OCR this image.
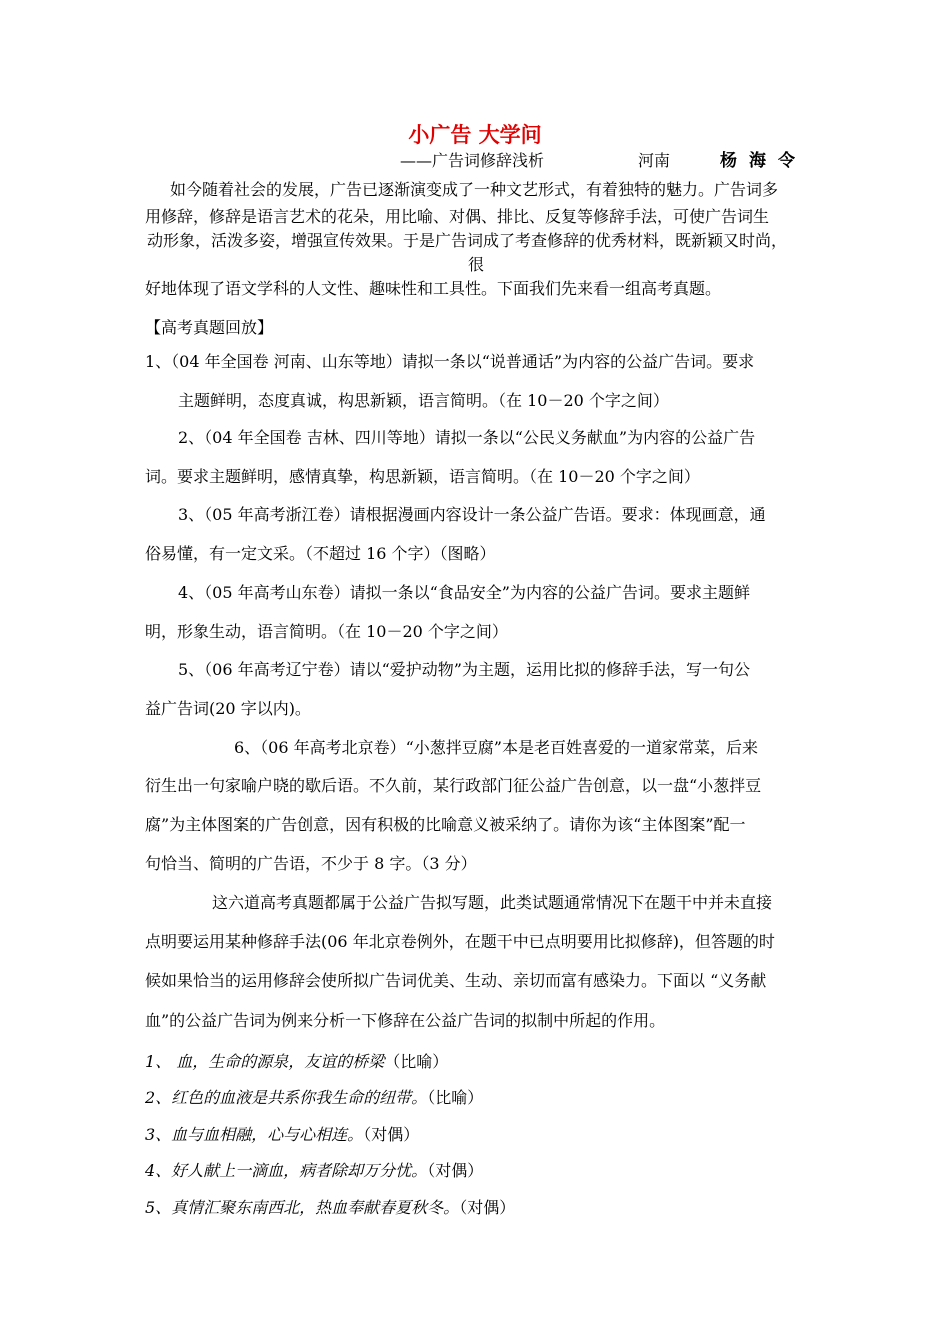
小广告 大学问
——广告词修辞浅析	河南	杨海令
如今随着社会的发展，广告已逐渐演变成了一种文艺形式，有着独特的魅力。广告词多
用修辞，修辞是语言艺术的花朵，用比喻、对偶、排比、反复等修辞手法，可使广告词生
动形象，活泼多姿，增强宣传效果。于是广告词成了考查修辞的优秀材料，既新颖又时尚，
很
好地体现了语文学科的人文性、趣味性和工具性。下面我们先来看一组高考真题。
【高考真题回放】
1、（04 年全国卷 河南、山东等地）请拟一条以“说普通话”为内容的公益广告词。要求
主题鲜明，态度真诚，构思新颖，语言简明。（在 10－20 个字之间）
2、（04 年全国卷 吉林、四川等地）请拟一条以“公民义务献血”为内容的公益广告
词。要求主题鲜明，感情真挚，构思新颖，语言简明。（在 10－20 个字之间）
3、（05 年高考浙江卷）请根据漫画内容设计一条公益广告语。要求：体现画意，通
俗易懂，有一定文采。（不超过 16 个字）（图略）
4、（05 年高考山东卷）请拟一条以“食品安全”为内容的公益广告词。要求主题鲜
明，形象生动，语言简明。（在 10－20 个字之间）
5、（06 年高考辽宁卷）请以“爱护动物”为主题，运用比拟的修辞手法，写一句公
益广告词(20 字以内)。
6、（06 年高考北京卷）“小葱拌豆腐”本是老百姓喜爱的一道家常菜，后来
衍生出一句家喻户晓的歇后语。不久前，某行政部门征公益广告创意，以一盘“小葱拌豆
腐”为主体图案的广告创意，因有积极的比喻意义被采纳了。请你为该“主体图案”配一
句恰当、简明的广告语，不少于 8 字。（3 分）
这六道高考真题都属于公益广告拟写题，此类试题通常情况下在题干中并未直接
点明要运用某种修辞手法(06 年北京卷例外，在题干中已点明要用比拟修辞)，但答题的时
候如果恰当的运用修辞会使所拟广告词优美、生动、亲切而富有感染力。下面以 “义务献
血”的公益广告词为例来分析一下修辞在公益广告词的拟制中所起的作用。
1、 血，生命的源泉，友谊的桥梁（比喻）
2、红色的血液是共系你我生命的纽带。（比喻）
3、血与血相融，心与心相连。（对偶）
4、好人献上一滴血，病者除却万分忧。（对偶）
5、真情汇聚东南西北，热血奉献春夏秋冬。（对偶）
